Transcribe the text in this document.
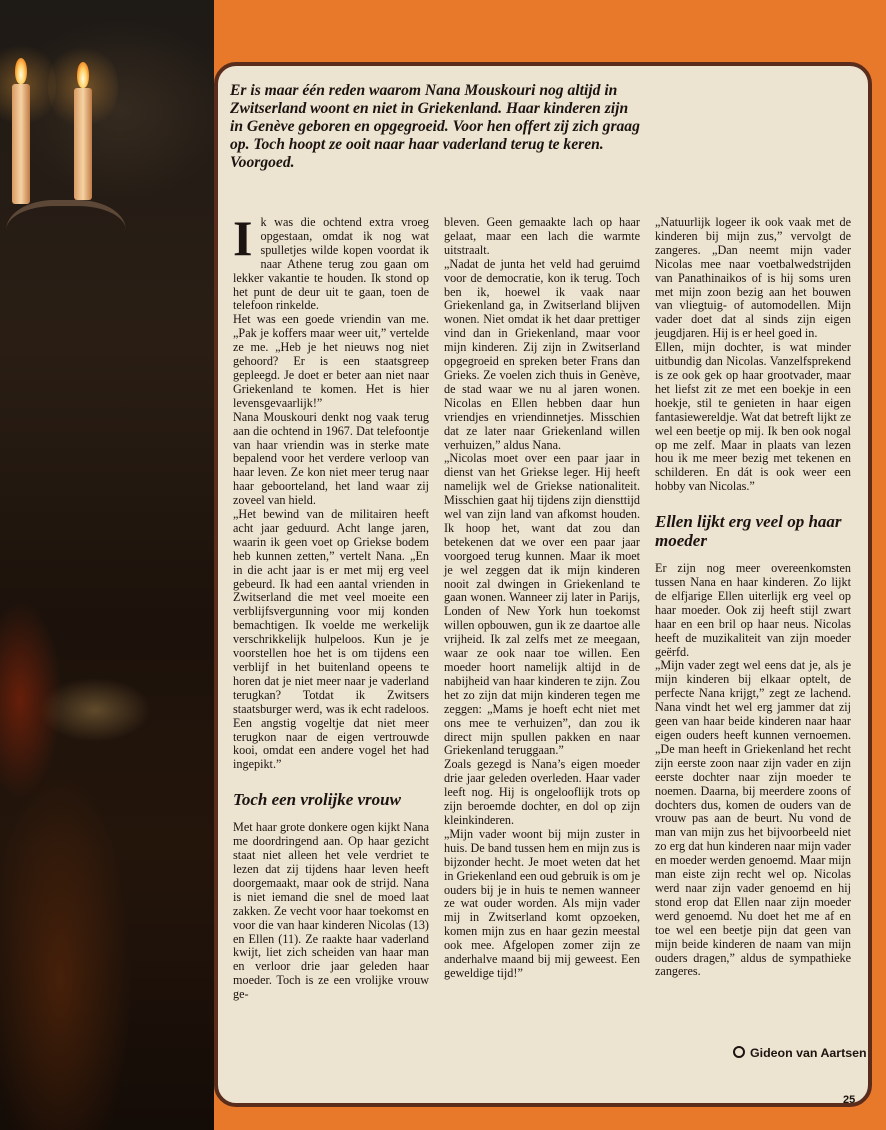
Er is maar één reden waarom Nana Mouskouri nog altijd in Zwitserland woont en niet in Griekenland. Haar kinderen zijn in Genève geboren en opgegroeid. Voor hen offert zij zich graag op. Toch hoopt ze ooit naar haar vaderland terug te keren. Voorgoed.

Ik was die ochtend extra vroeg opgestaan, omdat ik nog wat spulletjes wilde kopen voordat ik naar Athene terug zou gaan om lekker vakantie te houden. Ik stond op het punt de deur uit te gaan, toen de telefoon rinkelde.

Het was een goede vriendin van me. „Pak je koffers maar weer uit,” vertelde ze me. „Heb je het nieuws nog niet gehoord? Er is een staatsgreep gepleegd. Je doet er beter aan niet naar Griekenland te komen. Het is hier levensgevaarlijk!”

Nana Mouskouri denkt nog vaak terug aan die ochtend in 1967. Dat telefoontje van haar vriendin was in sterke mate bepalend voor het verdere verloop van haar leven. Ze kon niet meer terug naar haar geboorteland, het land waar zij zoveel van hield.

„Het bewind van de militairen heeft acht jaar geduurd. Acht lange jaren, waarin ik geen voet op Griekse bodem heb kunnen zetten,” vertelt Nana. „En in die acht jaar is er met mij erg veel gebeurd. Ik had een aantal vrienden in Zwitserland die met veel moeite een verblijfsvergunning voor mij konden bemachtigen. Ik voelde me werkelijk verschrikkelijk hulpeloos. Kun je je voorstellen hoe het is om tijdens een verblijf in het buitenland opeens te horen dat je niet meer naar je vaderland terugkan? Totdat ik Zwitsers staatsburger werd, was ik echt radeloos. Een angstig vogeltje dat niet meer terugkon naar de eigen vertrouwde kooi, omdat een andere vogel het had ingepikt.”

Toch een vrolijke vrouw

Met haar grote donkere ogen kijkt Nana me doordringend aan. Op haar gezicht staat niet alleen het vele verdriet te lezen dat zij tijdens haar leven heeft doorgemaakt, maar ook de strijd. Nana is niet iemand die snel de moed laat zakken. Ze vecht voor haar toekomst en voor die van haar kinderen Nicolas (13) en Ellen (11). Ze raakte haar vaderland kwijt, liet zich scheiden van haar man en verloor drie jaar geleden haar moeder. Toch is ze een vrolijke vrouw ge-

bleven. Geen gemaakte lach op haar gelaat, maar een lach die warmte uitstraalt.

„Nadat de junta het veld had geruimd voor de democratie, kon ik terug. Toch ben ik, hoewel ik vaak naar Griekenland ga, in Zwitserland blijven wonen. Niet omdat ik het daar prettiger vind dan in Griekenland, maar voor mijn kinderen. Zij zijn in Zwitserland opgegroeid en spreken beter Frans dan Grieks. Ze voelen zich thuis in Genève, de stad waar we nu al jaren wonen. Nicolas en Ellen hebben daar hun vriendjes en vriendinnetjes. Misschien dat ze later naar Griekenland willen verhuizen,” aldus Nana.

„Nicolas moet over een paar jaar in dienst van het Griekse leger. Hij heeft namelijk wel de Griekse nationaliteit. Misschien gaat hij tijdens zijn diensttijd wel van zijn land van afkomst houden. Ik hoop het, want dat zou dan betekenen dat we over een paar jaar voorgoed terug kunnen. Maar ik moet je wel zeggen dat ik mijn kinderen nooit zal dwingen in Griekenland te gaan wonen. Wanneer zij later in Parijs, Londen of New York hun toekomst willen opbouwen, gun ik ze daartoe alle vrijheid. Ik zal zelfs met ze meegaan, waar ze ook naar toe willen. Een moeder hoort namelijk altijd in de nabijheid van haar kinderen te zijn. Zou het zo zijn dat mijn kinderen tegen me zeggen: „Mams je hoeft echt niet met ons mee te verhuizen”, dan zou ik direct mijn spullen pakken en naar Griekenland teruggaan.”

Zoals gezegd is Nana’s eigen moeder drie jaar geleden overleden. Haar vader leeft nog. Hij is ongelooflijk trots op zijn beroemde dochter, en dol op zijn kleinkinderen.

„Mijn vader woont bij mijn zuster in huis. De band tussen hem en mijn zus is bijzonder hecht. Je moet weten dat het in Griekenland een oud gebruik is om je ouders bij je in huis te nemen wanneer ze wat ouder worden. Als mijn vader mij in Zwitserland komt opzoeken, komen mijn zus en haar gezin meestal ook mee. Afgelopen zomer zijn ze anderhalve maand bij mij geweest. Een geweldige tijd!”

„Natuurlijk logeer ik ook vaak met de kinderen bij mijn zus,” vervolgt de zangeres. „Dan neemt mijn vader Nicolas mee naar voetbalwedstrijden van Panathinaikos of is hij soms uren met mijn zoon bezig aan het bouwen van vliegtuig- of automodellen. Mijn vader doet dat al sinds zijn eigen jeugdjaren. Hij is er heel goed in.

Ellen, mijn dochter, is wat minder uitbundig dan Nicolas. Vanzelfsprekend is ze ook gek op haar grootvader, maar het liefst zit ze met een boekje in een hoekje, stil te genieten in haar eigen fantasiewereldje. Wat dat betreft lijkt ze wel een beetje op mij. Ik ben ook nogal op me zelf. Maar in plaats van lezen hou ik me meer bezig met tekenen en schilderen. En dát is ook weer een hobby van Nicolas.”

Ellen lijkt erg veel op haar moeder

Er zijn nog meer overeenkomsten tussen Nana en haar kinderen. Zo lijkt de elfjarige Ellen uiterlijk erg veel op haar moeder. Ook zij heeft stijl zwart haar en een bril op haar neus. Nicolas heeft de muzikaliteit van zijn moeder geërfd.

„Mijn vader zegt wel eens dat je, als je mijn kinderen bij elkaar optelt, de perfecte Nana krijgt,” zegt ze lachend. Nana vindt het wel erg jammer dat zij geen van haar beide kinderen naar haar eigen ouders heeft kunnen vernoemen. „De man heeft in Griekenland het recht zijn eerste zoon naar zijn vader en zijn eerste dochter naar zijn moeder te noemen. Daarna, bij meerdere zoons of dochters dus, komen de ouders van de vrouw pas aan de beurt. Nu vond de man van mijn zus het bijvoorbeeld niet zo erg dat hun kinderen naar mijn vader en moeder werden genoemd. Maar mijn man eiste zijn recht wel op. Nicolas werd naar zijn vader genoemd en hij stond erop dat Ellen naar zijn moeder werd genoemd. Nu doet het me af en toe wel een beetje pijn dat geen van mijn beide kinderen de naam van mijn ouders dragen,” aldus de sympathieke zangeres.

Gideon van Aartsen
25
